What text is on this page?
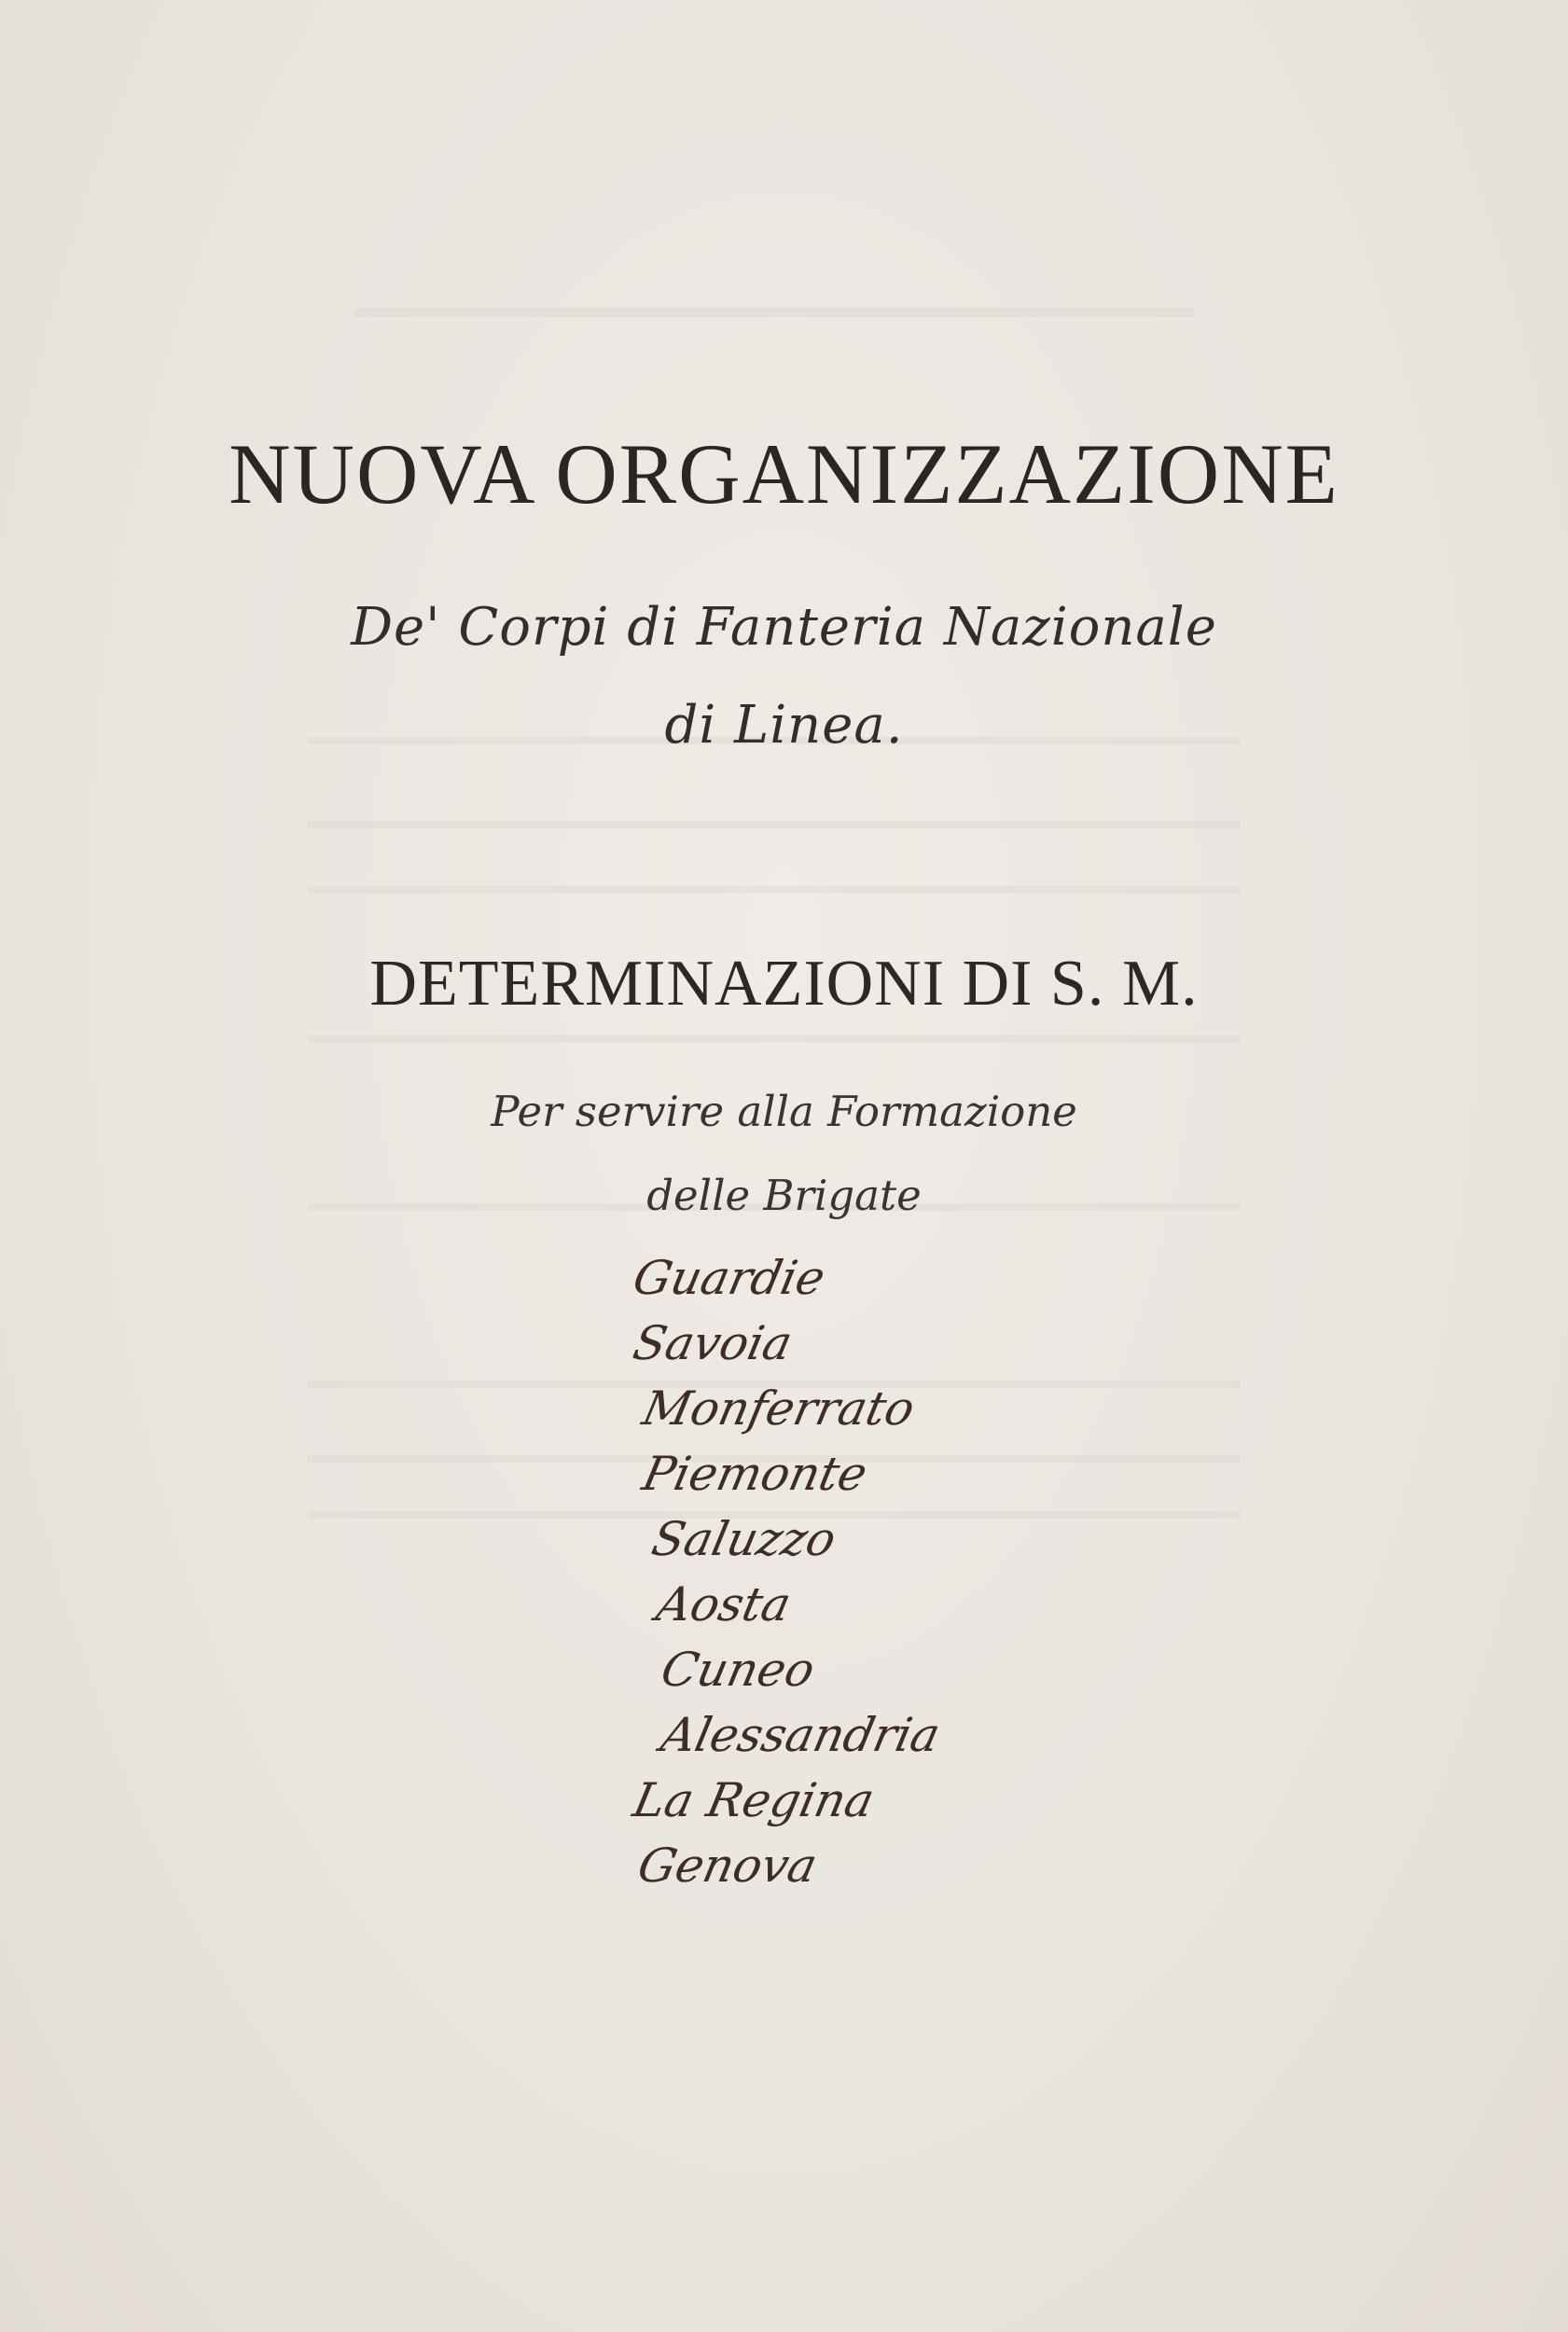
NUOVA ORGANIZZAZIONE
De' Corpi di Fanteria Nazionale
di Linea.
DETERMINAZIONI DI S. M.
Per servire alla Formazione
delle Brigate
Guardie
Savoia
Monferrato
Piemonte
Saluzzo
Aosta
Cuneo
Alessandria
La Regina
Genova
